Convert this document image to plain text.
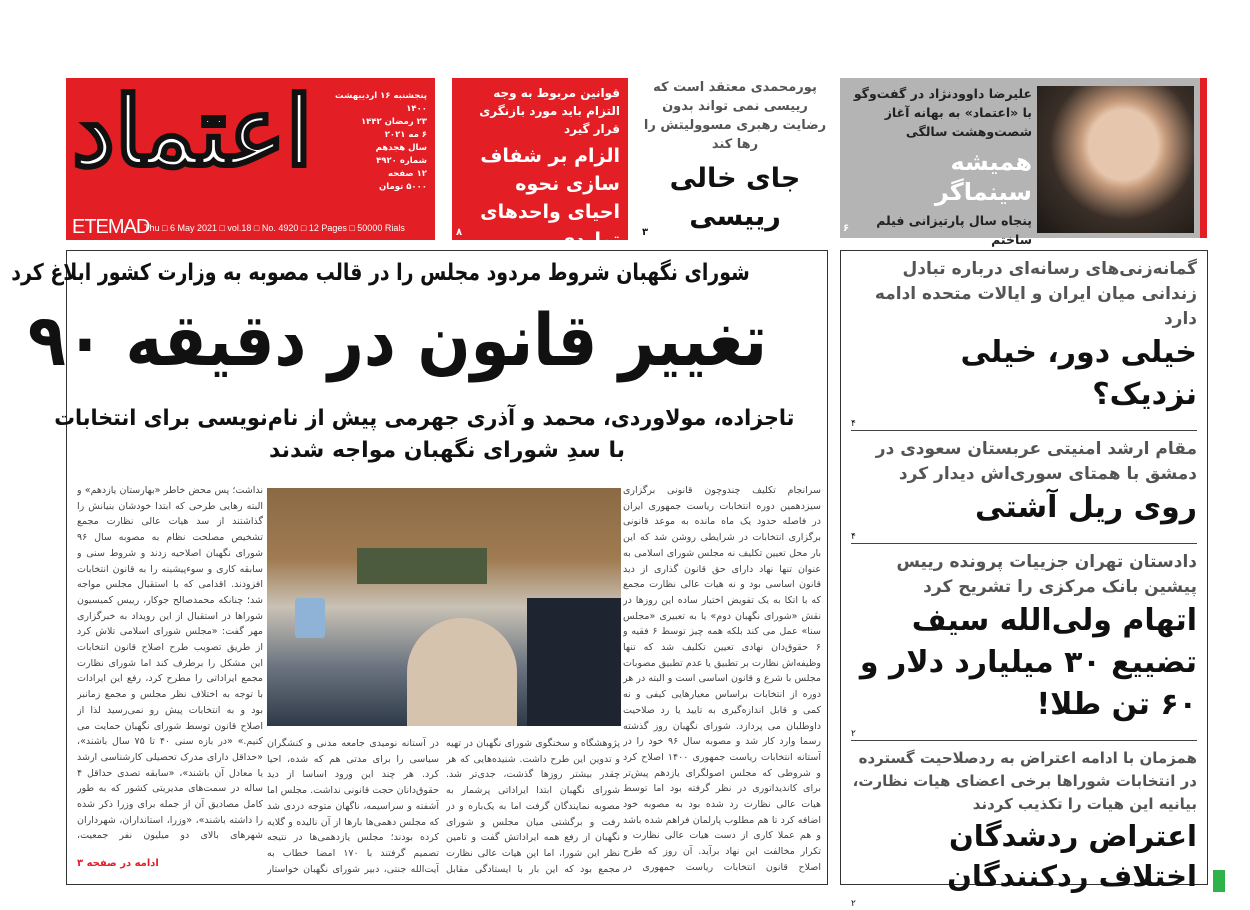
اعتماد	پنجشنبه ۱۶ اردیبهشت ۱۴۰۰
۲۳ رمضان ۱۴۴۲
۶ مه ۲۰۲۱
سال هجدهم
شماره ۴۹۲۰
۱۲ صفحه
۵۰۰۰ تومان
ETEMAD
Thu □ 6 May 2021 □ vol.18 □ No. 4920 □ 12 Pages □ 50000 Rials
قوانین مربوط به وجه التزام باید مورد بازنگری قرار گیرد
الزام بر شفاف سازی نحوه احیای واحدهای تولیدی
۸
پورمحمدی معتقد است که رییسی نمی تواند بدون رضایت رهبری مسوولیتش را رها کند
جای خالی رییسی
۳
علیرضا داوودنژاد در گفت‌وگو با «اعتماد» به بهانه آغاز شصت‌وهشت سالگی
همیشه سینماگر
پنجاه سال پارتیزانی فیلم ساختم
۶
شورای نگهبان شروط مردود مجلس را در قالب مصوبه به وزارت کشور ابلاغ کرد
تغییر قانون در دقیقه ۹۰
تاجزاده، مولاوردی، محمد و آذری جهرمی پیش از نام‌نویسی برای انتخابات
با سدِ شورای نگهبان مواجه شدند
سرانجام تکلیف چندوچون قانونی برگزاری سیزدهمین دوره انتخابات ریاست جمهوری ایران در فاصله حدود یک ماه مانده به موعد قانونی برگزاری انتخابات در شرایطی روشن شد که این بار محل تعیین تکلیف نه مجلس شورای اسلامی به عنوان تنها نهاد دارای حق قانون گذاری از دید قانون اساسی بود و نه هیات عالی نظارت مجمع که با اتکا به یک تفویض اختیار ساده این روزها در نقش «شورای نگهبان دوم» یا به تعبیری «مجلس سنا» عمل می کند بلکه همه چیز توسط ۶ فقیه و ۶ حقوق‌دان نهادی تعیین تکلیف شد که تنها وظیفه‌اش نظارت بر تطبیق یا عدم تطبیق مصوبات مجلس با شرع و قانون اساسی است و البته در هر دوره از انتخابات براساس معیارهایی کیفی و نه کمی و قابل اندازه‌گیری به تایید یا رد صلاحیت داوطلبان می پردازد. شورای نگهبان روز گذشته رسما وارد کار شد و مصوبه سال ۹۶ خود را در آستانه انتخابات ریاست جمهوری ۱۴۰۰ اصلاح کرد و شروطی که مجلس اصولگرای یازدهم پیش‌تر برای کاندیداتوری در نظر گرفته بود اما توسط هیات عالی نظارت رد شده بود به مصوبه خود اضافه کرد تا هم مطلوب پارلمان فراهم شده باشد و هم عملا کاری از دست هیات عالی نظارت و تکرار مخالفت این نهاد برآید. آن روز که طرح اصلاح قانون انتخابات ریاست جمهوری در
پژوهشگاه و سخنگوی شورای نگهبان در تهیه و تدوین این طرح داشت. شنیده‌هایی که هر چقدر بیشتر روزها گذشت، جدی‌تر شد. شورای نگهبان ابتدا ایراداتی پرشمار به مصوبه نمایندگان گرفت اما به یک‌باره و در رفت و برگشتی میان مجلس و شورای نگهبان از رفع همه ایراداتش گفت و تامین نظر این شورا، اما این هیات عالی نظارت مجمع بود که این بار با ایستادگی مقابل
در آستانه نومیدی جامعه مدنی و کنشگران سیاسی را برای مدتی هم که شده، احیا کرد. هر چند این ورود اساسا از دید حقوق‌دانان حجت قانونی نداشت. مجلس اما آشفته و سراسیمه، ناگهان متوجه دردی شد که مجلس دهمی‌ها بارها از آن نالیده و گلایه کرده بودند؛ مجلس یازدهمی‌ها در نتیجه تصمیم گرفتند با ۱۷۰ امضا خطاب به آیت‌الله جنتی، دبیر شورای نگهبان خواستار
نداشت؛ پس محض خاطر «بهارستان یازدهم» و البته رهایی طرحی که ابتدا خودشان بنیانش را گذاشتند از سد هیات عالی نظارت مجمع تشخیص مصلحت نظام به مصوبه سال ۹۶ شورای نگهبان اصلاحیه زدند و شروط سنی و سابقه کاری و سوءپیشینه را به قانون انتخابات افزودند. اقدامی که با استقبال مجلس مواجه شد؛ چنانکه محمدصالح جوکار، رییس کمیسیون شوراها در استقبال از این رویداد به خبرگزاری مهر گفت: «مجلس شورای اسلامی تلاش کرد از طریق تصویب طرح اصلاح قانون انتخابات این مشکل را برطرف کند اما شورای نظارت مجمع ایراداتی را مطرح کرد، رفع این ایرادات با توجه به اختلاف نظر مجلس و مجمع زمانبر بود و به انتخابات پیش رو نمی‌رسید لذا از اصلاح قانون توسط شورای نگهبان حمایت می کنیم.» «در بازه سنی ۴۰ تا ۷۵ سال باشند»، «حداقل دارای مدرک تحصیلی کارشناسی ارشد یا معادل آن باشند»، «سابقه تصدی حداقل ۴ ساله در سمت‌های مدیریتی کشور که به طور کامل مصادیق آن از جمله برای وزرا ذکر شده را داشته باشند»، «وزرا، استانداران، شهرداران شهرهای بالای دو میلیون نفر جمعیت،
ادامه در صفحه ۳
گمانه‌زنی‌های رسانه‌ای درباره تبادل زندانی میان ایران و ایالات متحده ادامه دارد
خیلی دور، خیلی نزدیک؟
۴
مقام ارشد امنیتی عربستان سعودی در دمشق با همتای سوری‌اش دیدار کرد
روی ریل آشتی
۴
دادستان تهران جزییات پرونده رییس پیشین بانک مرکزی را تشریح کرد
اتهام ولی‌الله سیف تضییع ۳۰ میلیارد دلار و ۶۰ تن طلا!
۲
همزمان با ادامه اعتراض به ردصلاحیت گسترده در انتخابات شوراها برخی اعضای هیات نظارت، بیانیه این هیات را تکذیب کردند
اعتراض ردشدگان اختلاف ردکنندگان
۲
